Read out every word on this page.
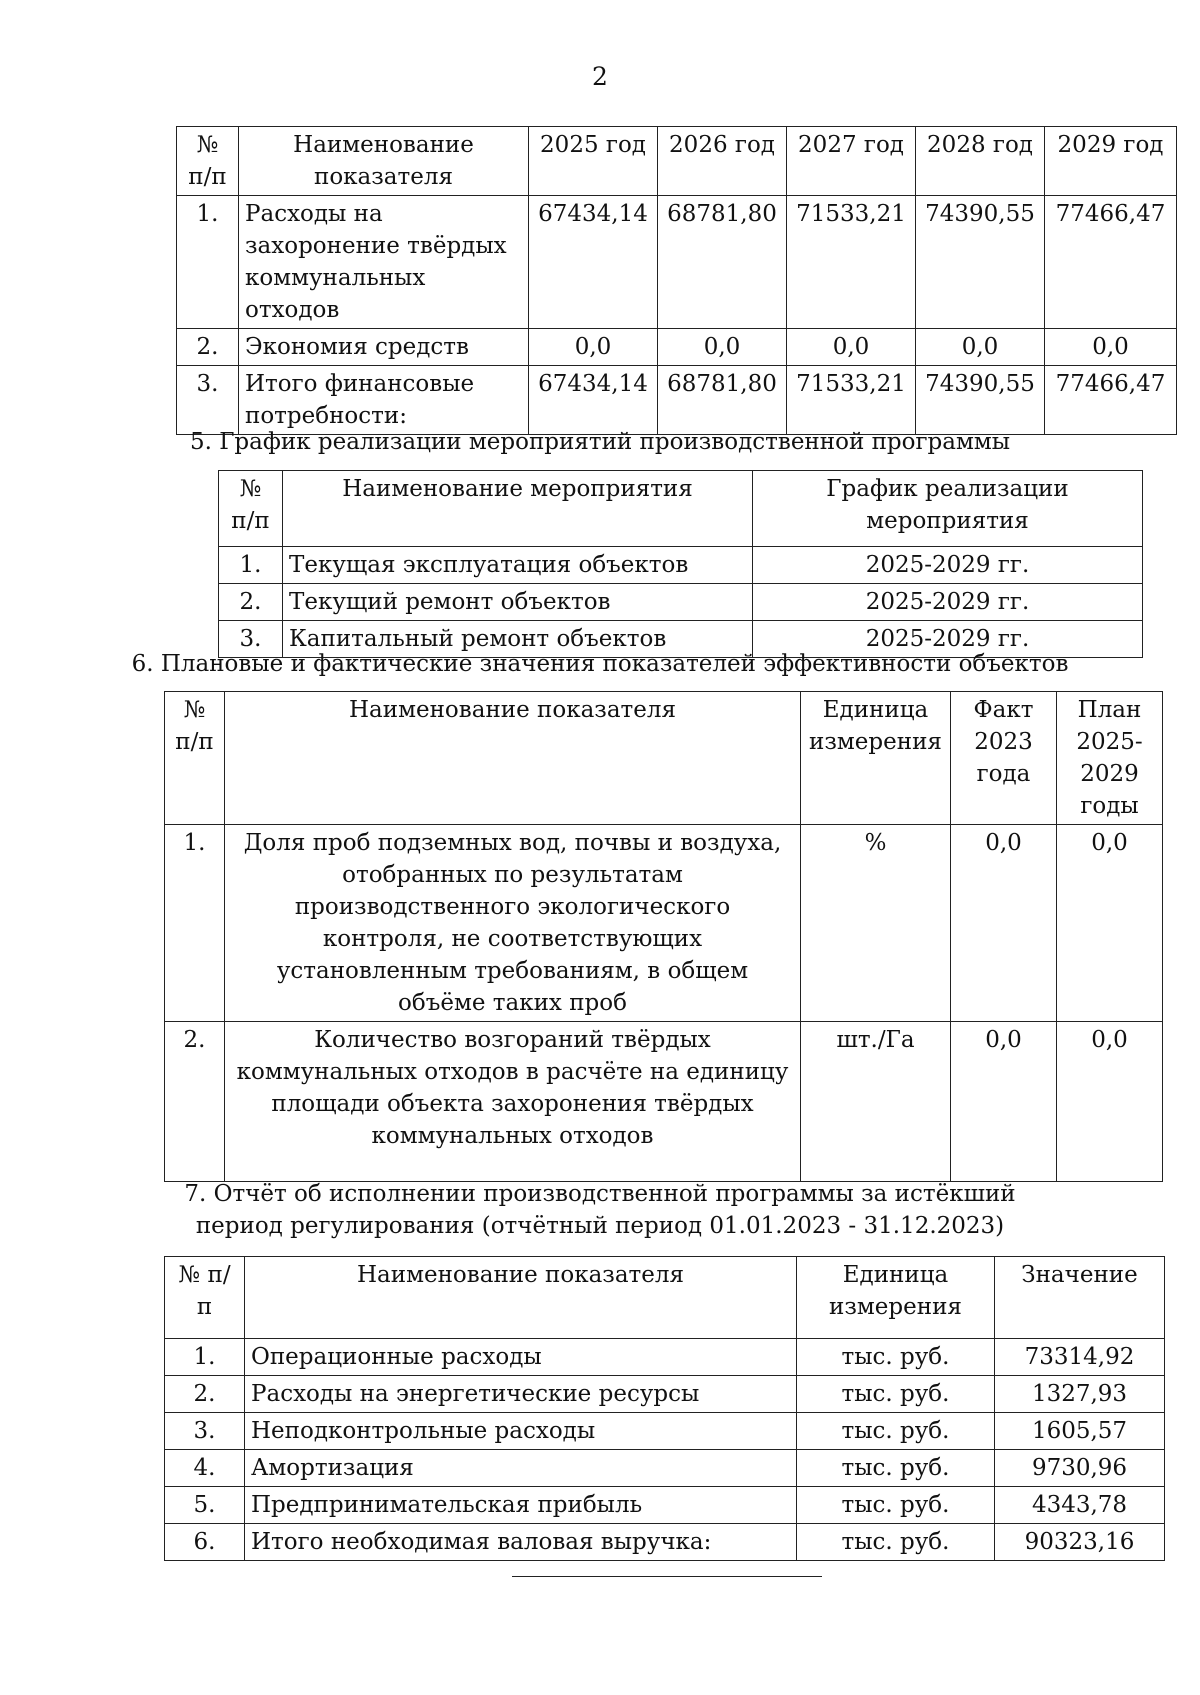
2
№ п/п	Наименование показателя	2025 год	2026 год	2027 год	2028 год	2029 год
1.	Расходы на захоронение твёрдых коммунальных отходов	67434,14	68781,80	71533,21	74390,55	77466,47
2.	Экономия средств	0,0	0,0	0,0	0,0	0,0
3.	Итого финансовые потребности:	67434,14	68781,80	71533,21	74390,55	77466,47
5. График реализации мероприятий производственной программы
№ п/п	Наименование мероприятия	График реализации мероприятия
1.	Текущая эксплуатация объектов	2025-2029 гг.
2.	Текущий ремонт объектов	2025-2029 гг.
3.	Капитальный ремонт объектов	2025-2029 гг.
6. Плановые и фактические значения показателей эффективности объектов
№ п/п	Наименование показателя	Единица измерения	Факт 2023 года	План 2025-2029 годы
1.	Доля проб подземных вод, почвы и воздуха, отобранных по результатам производственного экологического контроля, не соответствующих установленным требованиям, в общем объёме таких проб	%	0,0	0,0
2.	Количество возгораний твёрдых коммунальных отходов в расчёте на единицу площади объекта захоронения твёрдых коммунальных отходов	шт./Га	0,0	0,0
7. Отчёт об исполнении производственной программы за истёкший период регулирования (отчётный период 01.01.2023 - 31.12.2023)
№ п/п	Наименование показателя	Единица измерения	Значение
1.	Операционные расходы	тыс. руб.	73314,92
2.	Расходы на энергетические ресурсы	тыс. руб.	1327,93
3.	Неподконтрольные расходы	тыс. руб.	1605,57
4.	Амортизация	тыс. руб.	9730,96
5.	Предпринимательская прибыль	тыс. руб.	4343,78
6.	Итого необходимая валовая выручка:	тыс. руб.	90323,16
